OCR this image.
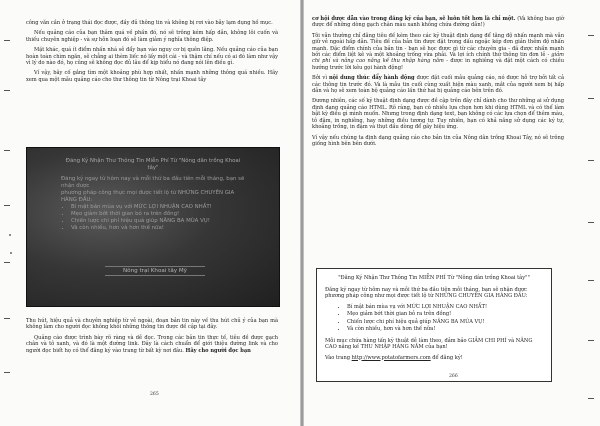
công văn cần ở trạng thái đọc được, đầy đủ thông tin và không bị rơi vào bẫy lạm dụng hồ mục.

Nếu quảng cáo của bạn thâm quá về phần đó, nó sẽ trông kém hấp dẫn, không lôi cuốn và thiếu chuyên nghiệp - và sự hỗn loạn đó sẽ làm giảm ý nghĩa thông điệp.

Mặt khác, quá ít điểm nhấn nhá sẽ đẩy bạn vào nguy cơ bị quên lãng. Nếu quảng cáo của bạn hoàn toàn chìm ngăn, sẽ chẳng ai thèm liếc nó lấy một cái - và thậm chí nếu có ai đó làm như vậy vì lý do nào đó, họ cũng sẽ không đọc đủ lâu để kịp hiểu nó đang nói lên điều gì.

Ví vậy, bây cố gắng tìm một khoảng phù hợp nhất, nhấn mạnh những thông quá nhiều. Hãy xem qua một mẫu quảng cáo cho thư thông tin từ Nông trại Khoai tây

Đăng Ký Nhận Thư Thông Tin Miễn Phí Từ "Nông dân trồng Khoai tây"
Đăng ký ngay từ hôm nay và mỗi thứ ba đầu tiên mỗi tháng, bạn sẽ nhận được
phương pháp công thực mọi được tiết lộ từ NHỮNG CHUYÊN GIA HÀNG ĐẦU:
• Bí mật bán mùa vụ với MỨC LỢI NHUẬN CAO NHẤT!
• Mẹo giảm bớt thời gian bỏ ra trên đồng!
• Chiến lược chi phí hiệu quả giúp NÂNG BA MÙA VỤ!
• Và còn nhiều, hơn và hơn thế nữa!
Nông trại Khoai tây Mỹ

Thu hút, hiệu quả và chuyên nghiệp từ vẻ ngoài, đoạn bản tin này về thu hút chủ ý của bạn mà không làm cho người đọc không khỏi những thông tin được đề cập tại đây.

Quảng cáo được trình bày rõ ràng và dễ đọc. Trong các bản tin thực tế, tiêu đề được gạch chân và tô xanh, và đó là một đường link. Đây là cách chuẩn để giới thiệu đường link và cho người đọc biết họ có thể đăng ký vào trang từ bất kỳ nơi đâu. Hãy cho người đọc bạn

265

cơ hội được dẫn vào trong đăng ký của bạn, sẽ luôn tốt hơn là chỉ một. (Và không bao giờ được để những dòng gạch chân màu xanh không chứa đường dẫn!)

Tôi vẫn thường chỉ đăng tiêu đề kèm theo các kỹ thuật định dạng để tăng độ nhấn mạnh mà vẫn giữ vẻ ngoài hấp dẫn. Tiêu đề của bản tin được đặt trong dấu ngoặc kép đơn giản thêm độ nhấn mạnh. Đặc điểm chính của bản tin - bạn sẽ học được gì từ các chuyên gia - đã được nhấn mạnh bởi các điểm liệt kê và một khoảng trống vừa phải. Và lợi ích chính thứ thông tin đơn lẻ - giảm chi phí và nâng cao năng kế thu nhập hàng năm - được in nghiêng và đặt một cách có chiều hướng trước lời kêu gọi hành động!

Bởi vì nội dung thúc đẩy hành động được đặt cuối mẫu quảng cáo, nó được hỗ trợ bởi tất cả các thông tin trước đó. Và là mẫu tin cuối cùng xuất hiện màu xanh, mắt của người xem bị hấp dẫn và họ sẽ xem toàn bộ quảng cáo lần thứ hai bị quảng cáo bên trên đó.

Đương nhiên, các số kỹ thuật định dạng được đề cập trên đây chỉ dành cho thư những ai sử dụng định dạng quảng cáo HTML. Rõ ràng, bạn có nhiều lựa chọn hơn khi dùng HTML và có thể làm bật kỳ điều gì mình muốn. Nhưng trong định dạng text, bạn không có các lựa chọn để thêm màu, tô đậm, in nghiêng, hay những điều tương tự. Tuy nhiên, bạn có khả năng sử dụng các ký tự, khoảng trống, in đậm và thụt đầu dòng để gây hiệu ứng.

Ví vậy nếu chúng ta định dạng quảng cáo cho bản tin của Nông dân trồng Khoai Tây, nó sẽ trông giống hình bên bên dưới.

"Đăng Ký Nhận Thư Thông Tin MIỄN PHÍ Từ "Nông dân trồng Khoai tây""

Đăng ký ngay từ hôm nay và mỗi thứ ba đầu tiên mỗi tháng, bạn sẽ nhận được phương pháp công như mọi được tiết lộ từ NHỮNG CHUYÊN GIA HÀNG ĐẦU:

• Bí mật bán mùa vụ với MỨC LỢI NHUẬN CAO NHẤT!
• Mẹo giảm bớt thời gian bỏ ra trên đồng!
• Chiến lược chi phí hiệu quả giúp NÂNG BA MÙA VỤ!
• Và còn nhiều, hơn và hơn thế nữa!

Mỗi mục chứa hàng tấn kỹ thuật dễ làm theo, đảm bảo GIẢM CHI PHÍ và NÂNG CAO năng kế THU NHẬP HÀNG NĂM của bạn!

Vào trang http://www.potatofarmers.com để đăng ký!

266
